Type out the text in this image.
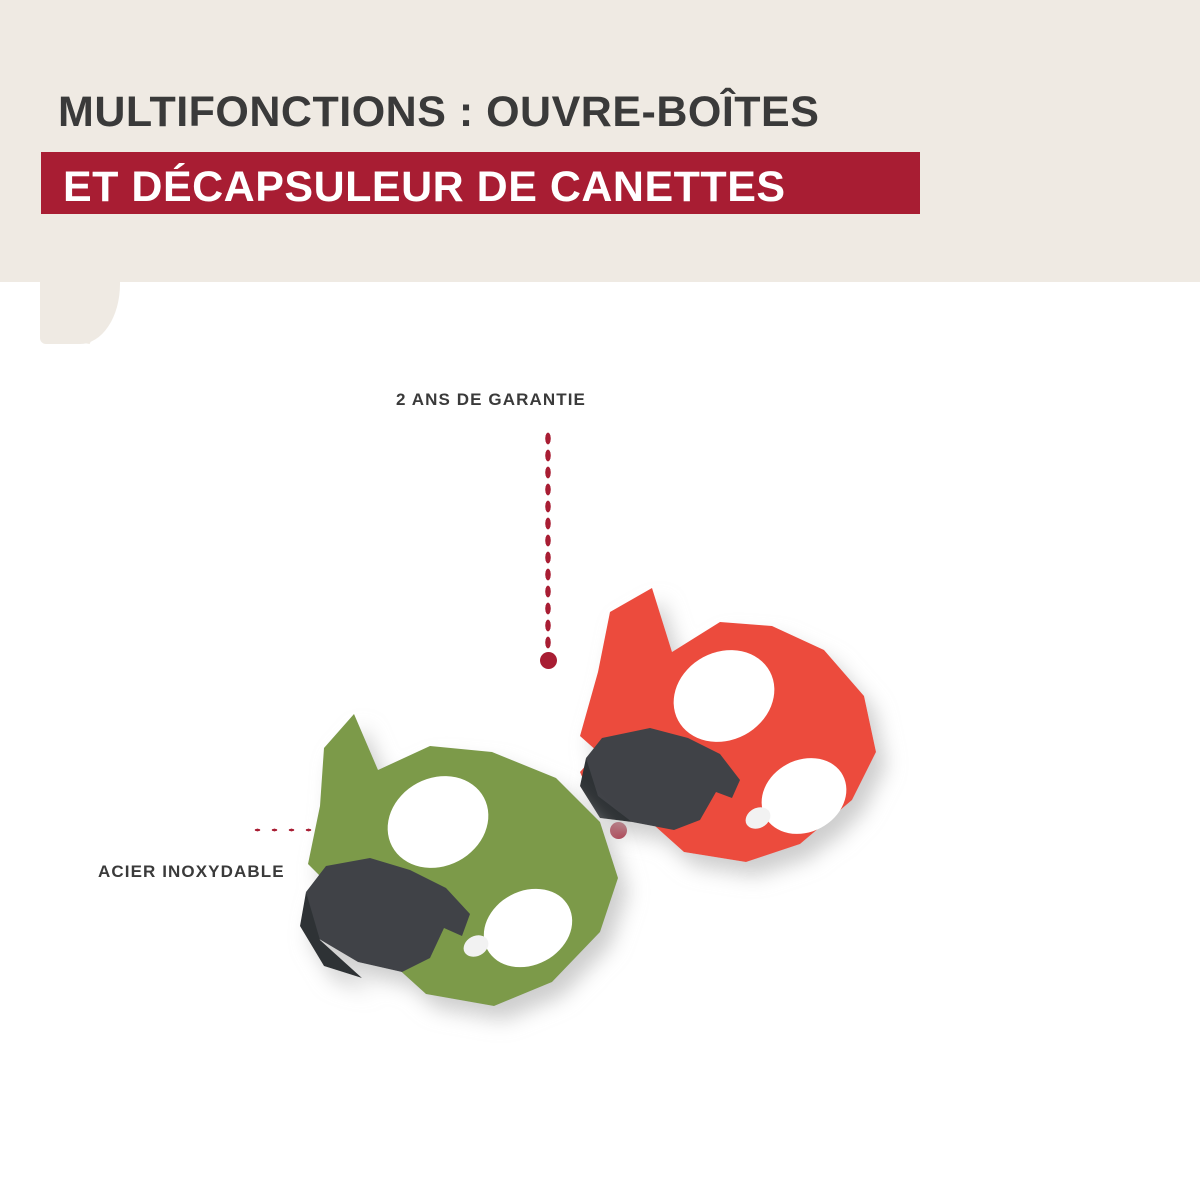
MULTIFONCTIONS : OUVRE-BOÎTES
ET DÉCAPSULEUR DE CANETTES
2 ANS DE GARANTIE
ACIER INOXYDABLE
